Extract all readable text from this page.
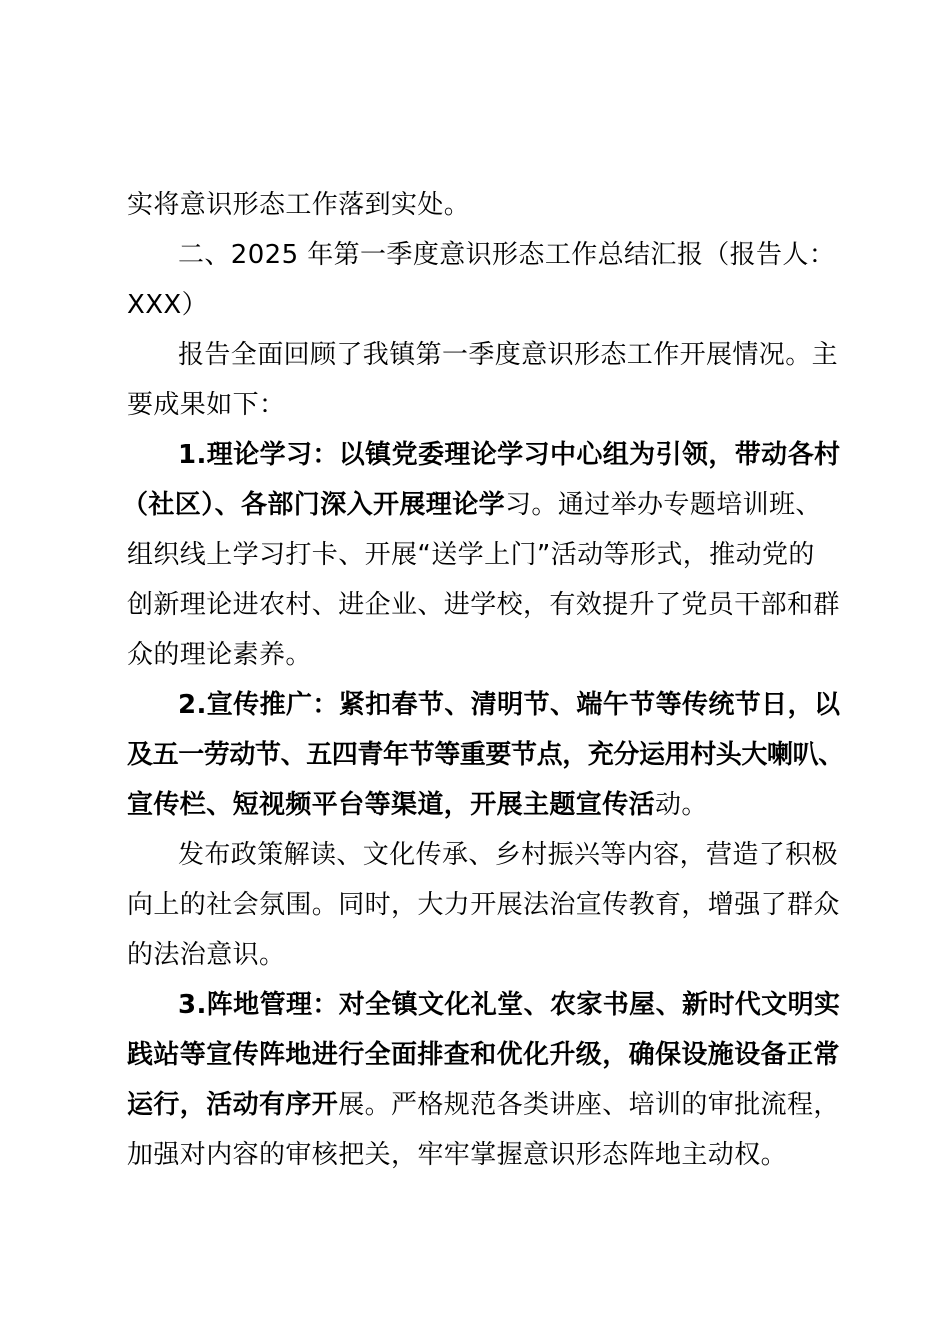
实将意识形态工作落到实处。
二、2025 年第一季度意识形态工作总结汇报（报告人：
XXX）
报告全面回顾了我镇第一季度意识形态工作开展情况。主
要成果如下：
1.理论学习：以镇党委理论学习中心组为引领，带动各村
（社区）、各部门深入开展理论学习。通过举办专题培训班、
组织线上学习打卡、开展“送学上门”活动等形式，推动党的
创新理论进农村、进企业、进学校，有效提升了党员干部和群
众的理论素养。
2.宣传推广：紧扣春节、清明节、端午节等传统节日，以
及五一劳动节、五四青年节等重要节点，充分运用村头大喇叭、
宣传栏、短视频平台等渠道，开展主题宣传活动。
发布政策解读、文化传承、乡村振兴等内容，营造了积极
向上的社会氛围。同时，大力开展法治宣传教育，增强了群众
的法治意识。
3.阵地管理：对全镇文化礼堂、农家书屋、新时代文明实
践站等宣传阵地进行全面排查和优化升级，确保设施设备正常
运行，活动有序开展。严格规范各类讲座、培训的审批流程，
加强对内容的审核把关，牢牢掌握意识形态阵地主动权。
